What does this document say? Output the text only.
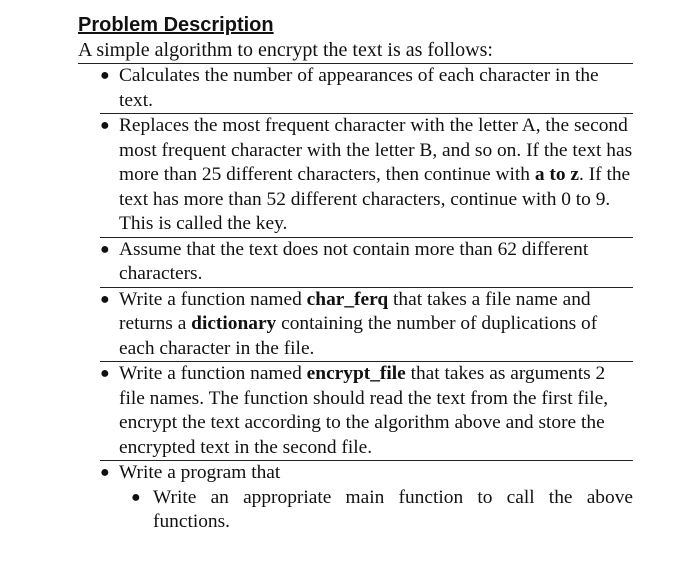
Problem Description

A simple algorithm to encrypt the text is as follows:

● Calculates the number of appearances of each character in the text.
● Replaces the most frequent character with the letter A, the second most frequent character with the letter B, and so on. If the text has more than 25 different characters, then continue with a to z. If the text has more than 52 different characters, continue with 0 to 9. This is called the key.
● Assume that the text does not contain more than 62 different characters.
● Write a function named char_ferq that takes a file name and returns a dictionary containing the number of duplications of each character in the file.
● Write a function named encrypt_file that takes as arguments 2 file names. The function should read the text from the first file, encrypt the text according to the algorithm above and store the encrypted text in the second file.
● Write a program that
● Write an appropriate main function to call the above functions.
